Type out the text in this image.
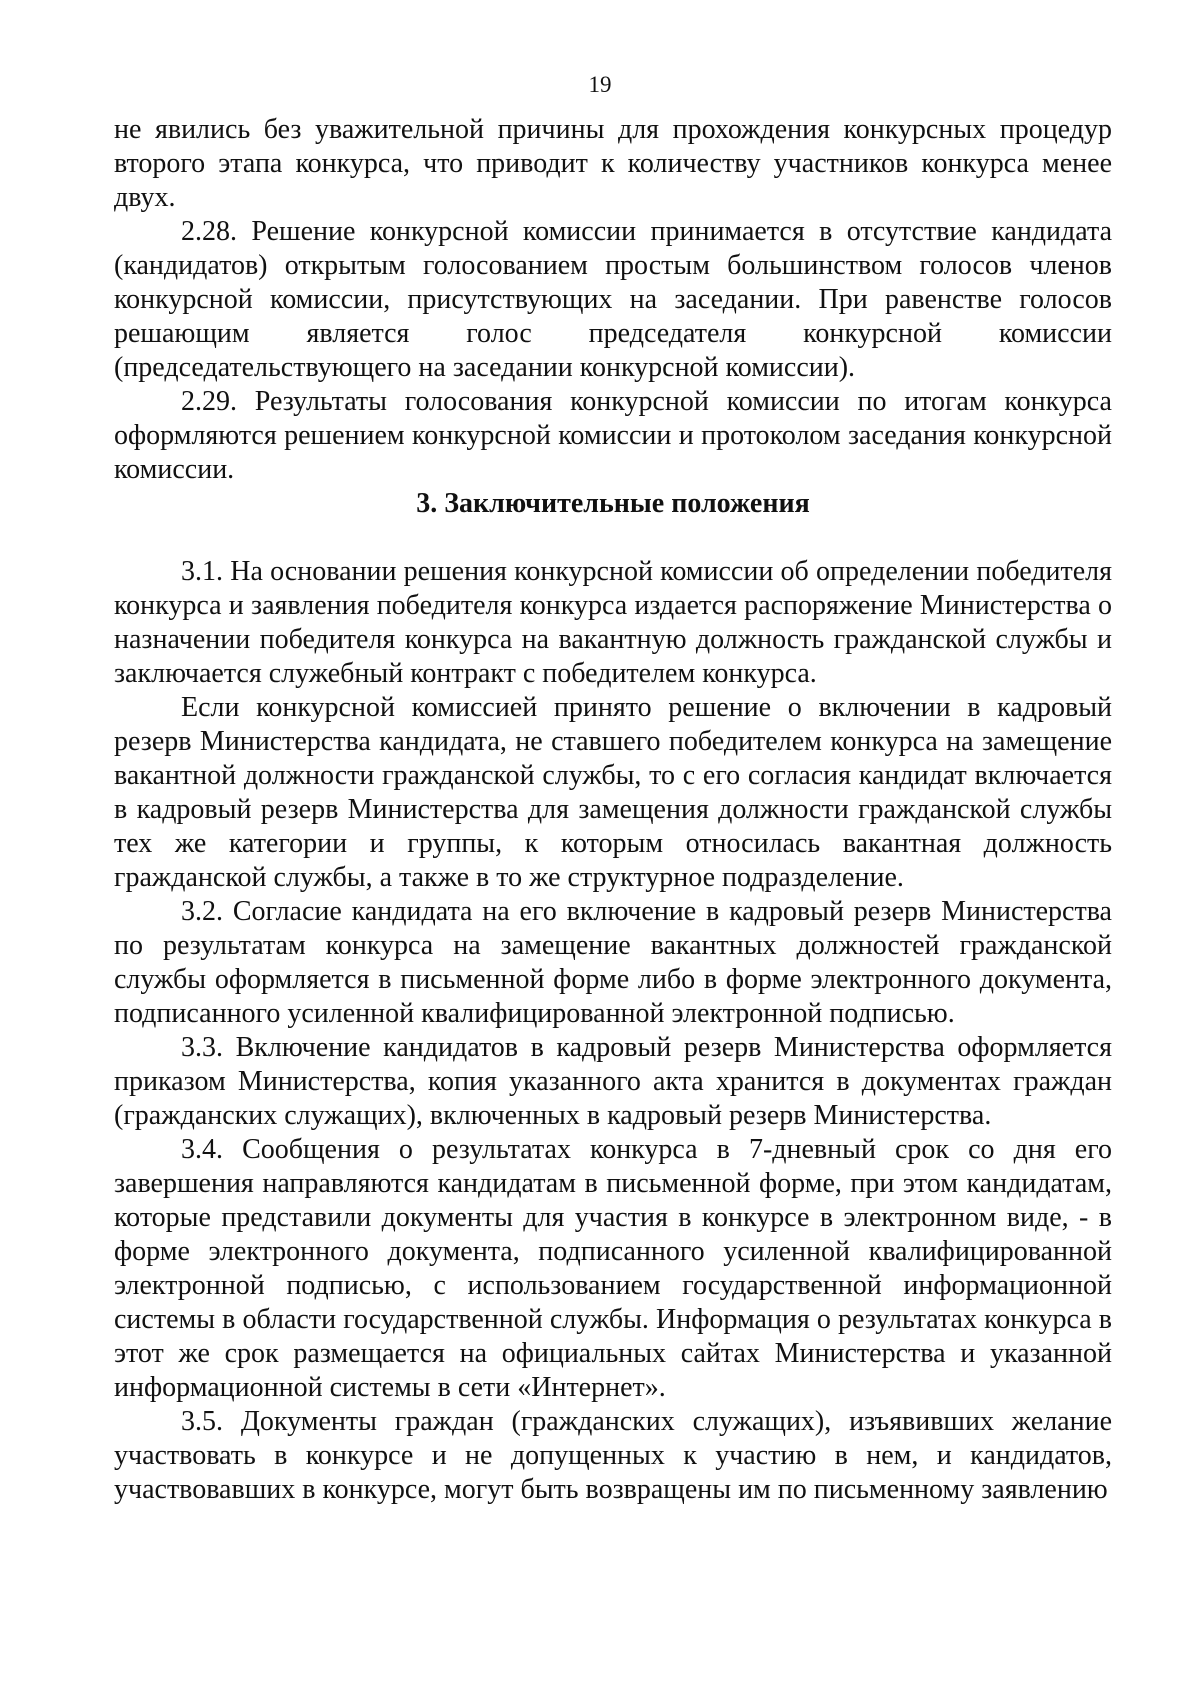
19

не явились без уважительной причины для прохождения конкурсных процедур второго этапа конкурса, что приводит к количеству участников конкурса менее двух.

2.28. Решение конкурсной комиссии принимается в отсутствие кандидата (кандидатов) открытым голосованием простым большинством голосов членов конкурсной комиссии, присутствующих на заседании. При равенстве голосов решающим является голос председателя конкурсной комиссии (председательствующего на заседании конкурсной комиссии).

2.29. Результаты голосования конкурсной комиссии по итогам конкурса оформляются решением конкурсной комиссии и протоколом заседания конкурсной комиссии.

3. Заключительные положения

3.1. На основании решения конкурсной комиссии об определении победителя конкурса и заявления победителя конкурса издается распоряжение Министерства о назначении победителя конкурса на вакантную должность гражданской службы и заключается служебный контракт с победителем конкурса.

Если конкурсной комиссией принято решение о включении в кадровый резерв Министерства кандидата, не ставшего победителем конкурса на замещение вакантной должности гражданской службы, то с его согласия кандидат включается в кадровый резерв Министерства для замещения должности гражданской службы тех же категории и группы, к которым относилась вакантная должность гражданской службы, а также в то же структурное подразделение.

3.2. Согласие кандидата на его включение в кадровый резерв Министерства по результатам конкурса на замещение вакантных должностей гражданской службы оформляется в письменной форме либо в форме электронного документа, подписанного усиленной квалифицированной электронной подписью.

3.3. Включение кандидатов в кадровый резерв Министерства оформляется приказом Министерства, копия указанного акта хранится в документах граждан (гражданских служащих), включенных в кадровый резерв Министерства.

3.4. Сообщения о результатах конкурса в 7-дневный срок со дня его завершения направляются кандидатам в письменной форме, при этом кандидатам, которые представили документы для участия в конкурсе в электронном виде, - в форме электронного документа, подписанного усиленной квалифицированной электронной подписью, с использованием государственной информационной системы в области государственной службы. Информация о результатах конкурса в этот же срок размещается на официальных сайтах Министерства и указанной информационной системы в сети «Интернет».

3.5. Документы граждан (гражданских служащих), изъявивших желание участвовать в конкурсе и не допущенных к участию в нем, и кандидатов, участвовавших в конкурсе, могут быть возвращены им по письменному заявлению
